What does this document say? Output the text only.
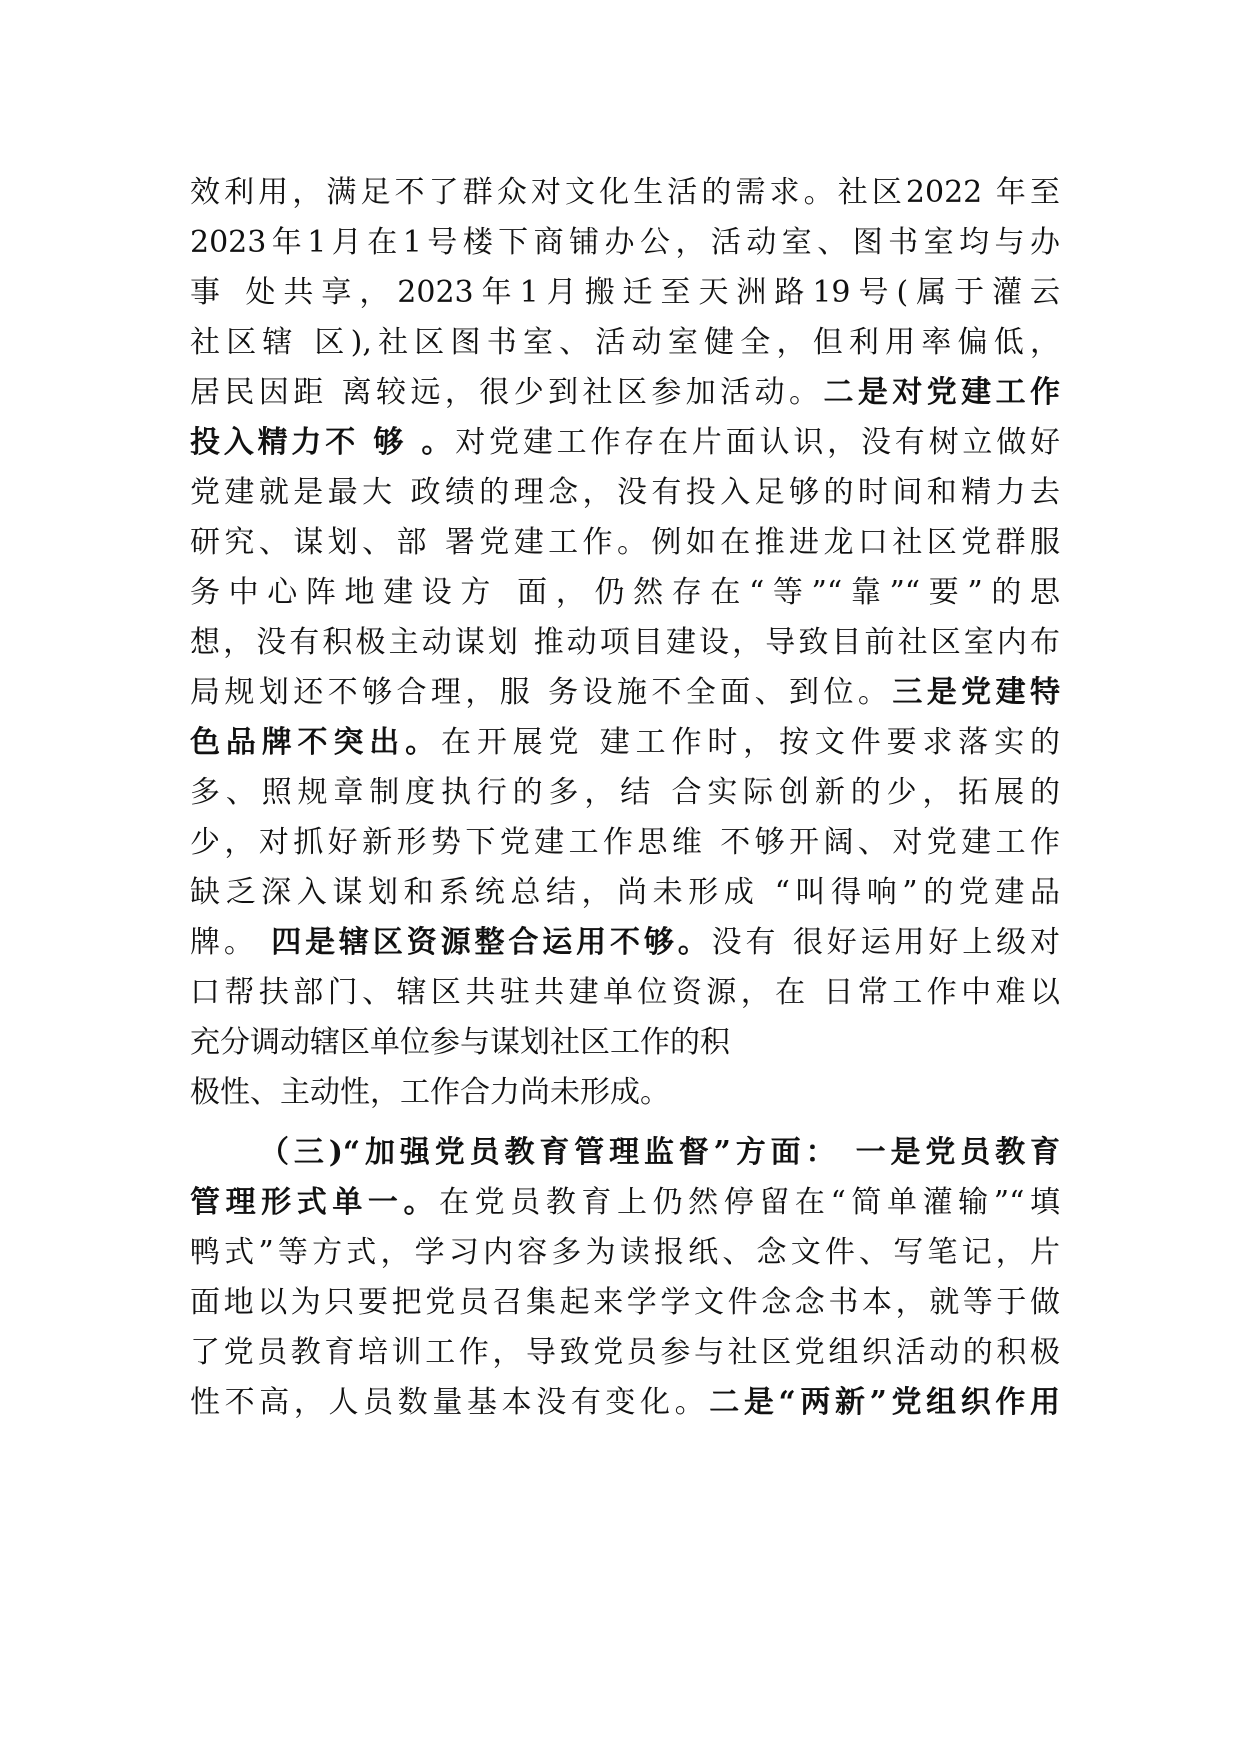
效利用，满足不了群众对文化生活的需求。社区2022 年至
2023年1月在1号楼下商铺办公，活动室、图书室均与办
事 处共享，2023年1月搬迁至天洲路19号(属于灌云
社区辖 区),社区图书室、活动室健全，但利用率偏低，
居民因距 离较远，很少到社区参加活动。二是对党建工作
投入精力不 够 。对党建工作存在片面认识，没有树立做好
党建就是最大 政绩的理念，没有投入足够的时间和精力去
研究、谋划、部 署党建工作。例如在推进龙口社区党群服
务中心阵地建设方 面，仍然存在“等”“靠”“要”的思
想，没有积极主动谋划 推动项目建设，导致目前社区室内布
局规划还不够合理，服 务设施不全面、到位。三是党建特
色品牌不突出。在开展党 建工作时，按文件要求落实的
多、照规章制度执行的多，结 合实际创新的少，拓展的
少，对抓好新形势下党建工作思维 不够开阔、对党建工作
缺乏深入谋划和系统总结，尚未形成 “叫得响”的党建品
牌。 四是辖区资源整合运用不够。没有 很好运用好上级对
口帮扶部门、辖区共驻共建单位资源，在 日常工作中难以
充分调动辖区单位参与谋划社区工作的积
极性、主动性，工作合力尚未形成。
（三)“加强党员教育管理监督”方面： 一是党员教育
管理形式单一。在党员教育上仍然停留在“简单灌输”“填
鸭式”等方式，学习内容多为读报纸、念文件、写笔记，片
面地以为只要把党员召集起来学学文件念念书本，就等于做
了党员教育培训工作，导致党员参与社区党组织活动的积极
性不高，人员数量基本没有变化。二是“两新”党组织作用
